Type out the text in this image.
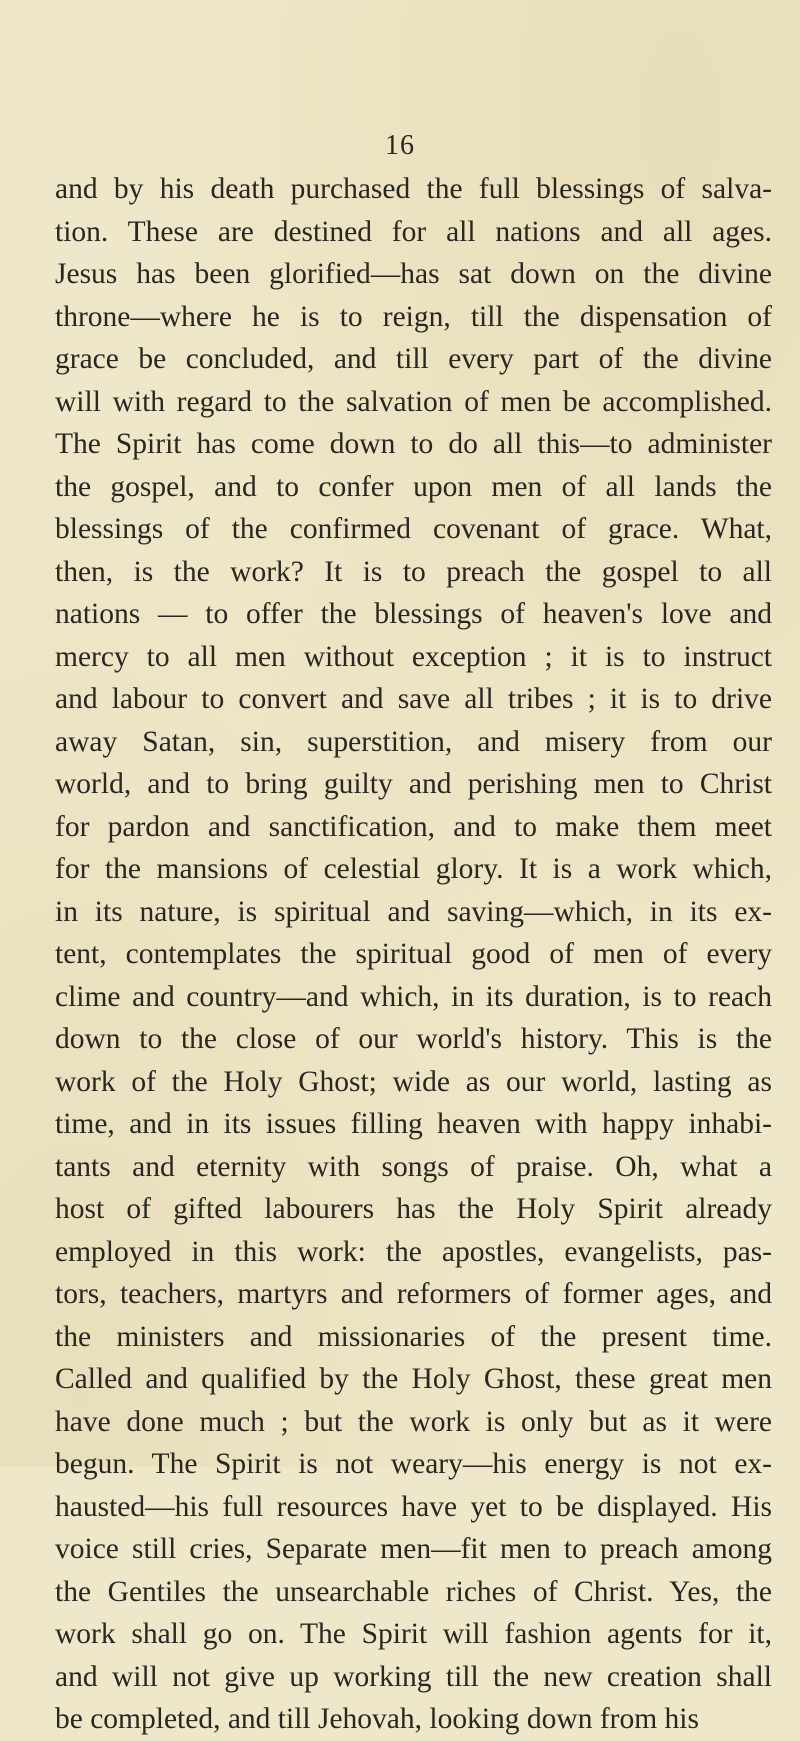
16
and by his death purchased the full blessings of salva-
tion. These are destined for all nations and all ages.
Jesus has been glorified—has sat down on the divine
throne—where he is to reign, till the dispensation of
grace be concluded, and till every part of the divine
will with regard to the salvation of men be accomplished.
The Spirit has come down to do all this—to administer
the gospel, and to confer upon men of all lands the
blessings of the confirmed covenant of grace. What,
then, is the work? It is to preach the gospel to all
nations — to offer the blessings of heaven's love and
mercy to all men without exception ; it is to instruct
and labour to convert and save all tribes ; it is to drive
away Satan, sin, superstition, and misery from our
world, and to bring guilty and perishing men to Christ
for pardon and sanctification, and to make them meet
for the mansions of celestial glory. It is a work which,
in its nature, is spiritual and saving—which, in its ex-
tent, contemplates the spiritual good of men of every
clime and country—and which, in its duration, is to reach
down to the close of our world's history. This is the
work of the Holy Ghost; wide as our world, lasting as
time, and in its issues filling heaven with happy inhabi-
tants and eternity with songs of praise. Oh, what a
host of gifted labourers has the Holy Spirit already
employed in this work: the apostles, evangelists, pas-
tors, teachers, martyrs and reformers of former ages, and
the ministers and missionaries of the present time.
Called and qualified by the Holy Ghost, these great men
have done much ; but the work is only but as it were
begun. The Spirit is not weary—his energy is not ex-
hausted—his full resources have yet to be displayed. His
voice still cries, Separate men—fit men to preach among
the Gentiles the unsearchable riches of Christ. Yes, the
work shall go on. The Spirit will fashion agents for it,
and will not give up working till the new creation shall
be completed, and till Jehovah, looking down from his
